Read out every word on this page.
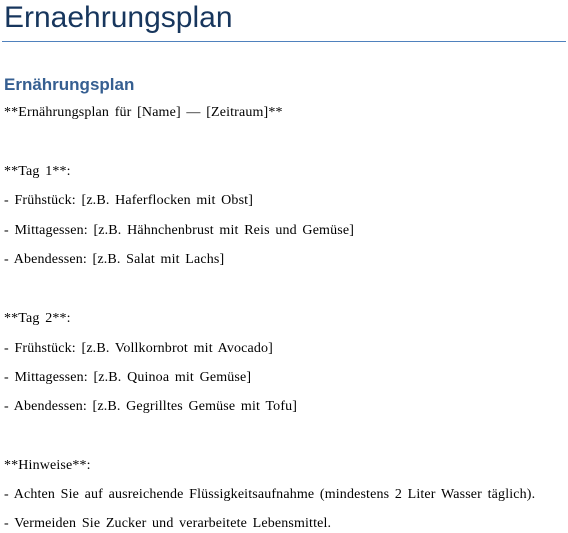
Ernaehrungsplan
Ernährungsplan
**Ernährungsplan für [Name] — [Zeitraum]**
**Tag 1**:
- Frühstück: [z.B. Haferflocken mit Obst]
- Mittagessen: [z.B. Hähnchenbrust mit Reis und Gemüse]
- Abendessen: [z.B. Salat mit Lachs]
**Tag 2**:
- Frühstück: [z.B. Vollkornbrot mit Avocado]
- Mittagessen: [z.B. Quinoa mit Gemüse]
- Abendessen: [z.B. Gegrilltes Gemüse mit Tofu]
**Hinweise**:
- Achten Sie auf ausreichende Flüssigkeitsaufnahme (mindestens 2 Liter Wasser täglich).
- Vermeiden Sie Zucker und verarbeitete Lebensmittel.
